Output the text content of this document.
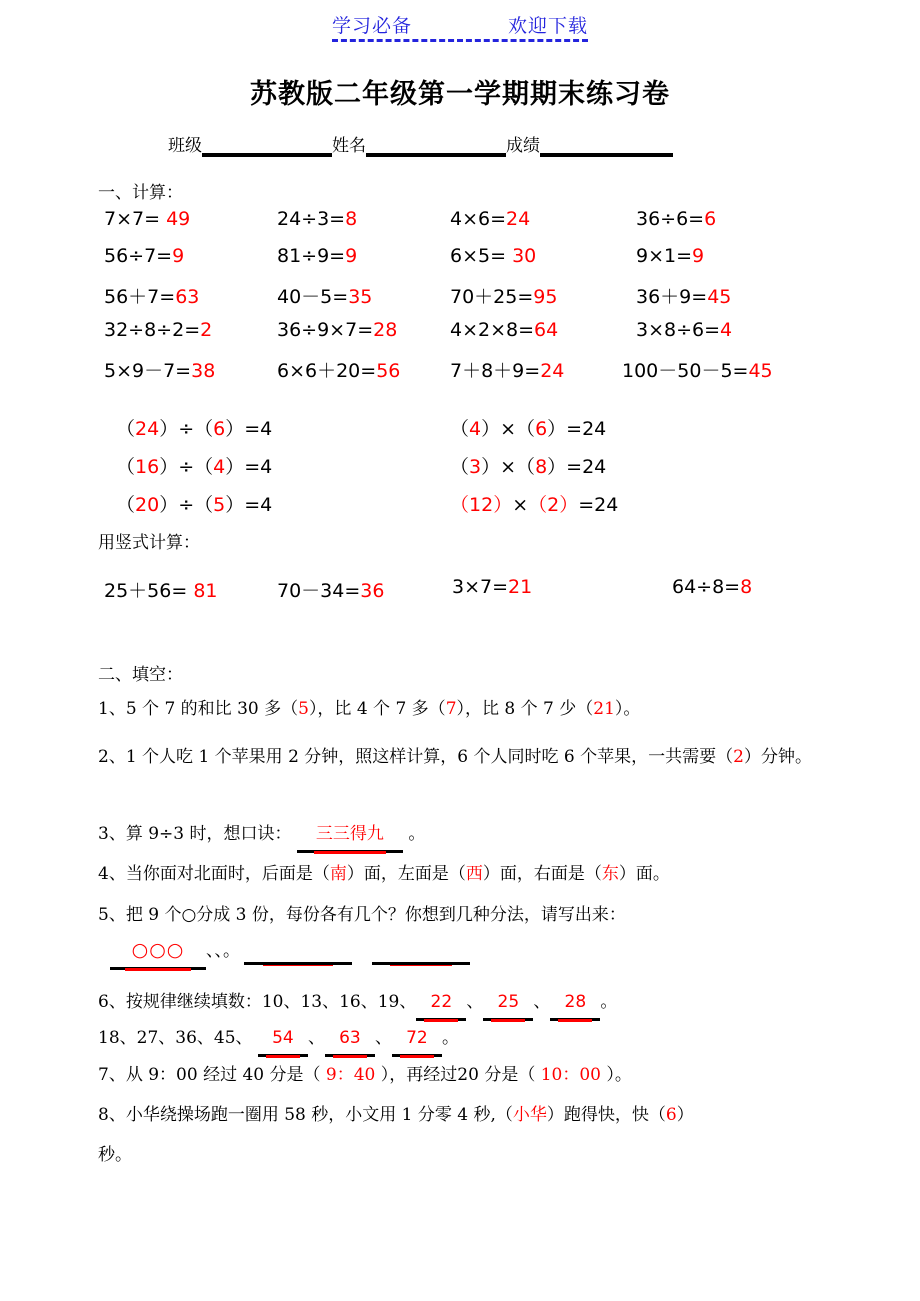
学习必备	欢迎下载
苏教版二年级第一学期期末练习卷
班级	姓名	成绩
一、计算：
7×7= 49	24÷3=8	4×6=24	36÷6=6
56÷7=9	81÷9=9	6×5= 30	9×1=9
56＋7=63	40－5=35	70＋25=95	36＋9=45
32÷8÷2=2	36÷9×7=28	4×2×8=64	3×8÷6=4
5×9－7=38	6×6＋20=56	7＋8＋9=24	100－50－5=45
（24）÷（6）=4	（4）×（6）=24
（16）÷（4）=4	（3）×（8）=24
（20）÷（5）=4	（12）×（2）=24
用竖式计算：
25＋56= 81	70－34=36	3×7=21	64÷8=8
二、填空：
1、5 个 7 的和比 30 多（5），比 4 个 7 多（7），比 8 个 7 少（21）。
2、1 个人吃 1 个苹果用 2 分钟，照这样计算，6 个人同时吃 6 个苹果，一共需要（2）分钟。
3、算 9÷3 时，想口诀： 三三得九 。
4、当你面对北面时，后面是（南）面，左面是（西）面，右面是（东）面。
5、把 9 个○分成 3 份，每份各有几个？你想到几种分法，请写出来：
○○○ 、、。
6、按规律继续填数：10、13、16、19、 22 、 25 、 28 。
18、27、36、45、 54 、 63 、 72 。
7、从 9：00 经过 40 分是（ 9：40 ），再经过20 分是（ 10：00 ）。
8、小华绕操场跑一圈用 58 秒，小文用 1 分零 4 秒,（小华）跑得快，快（6）
秒。
